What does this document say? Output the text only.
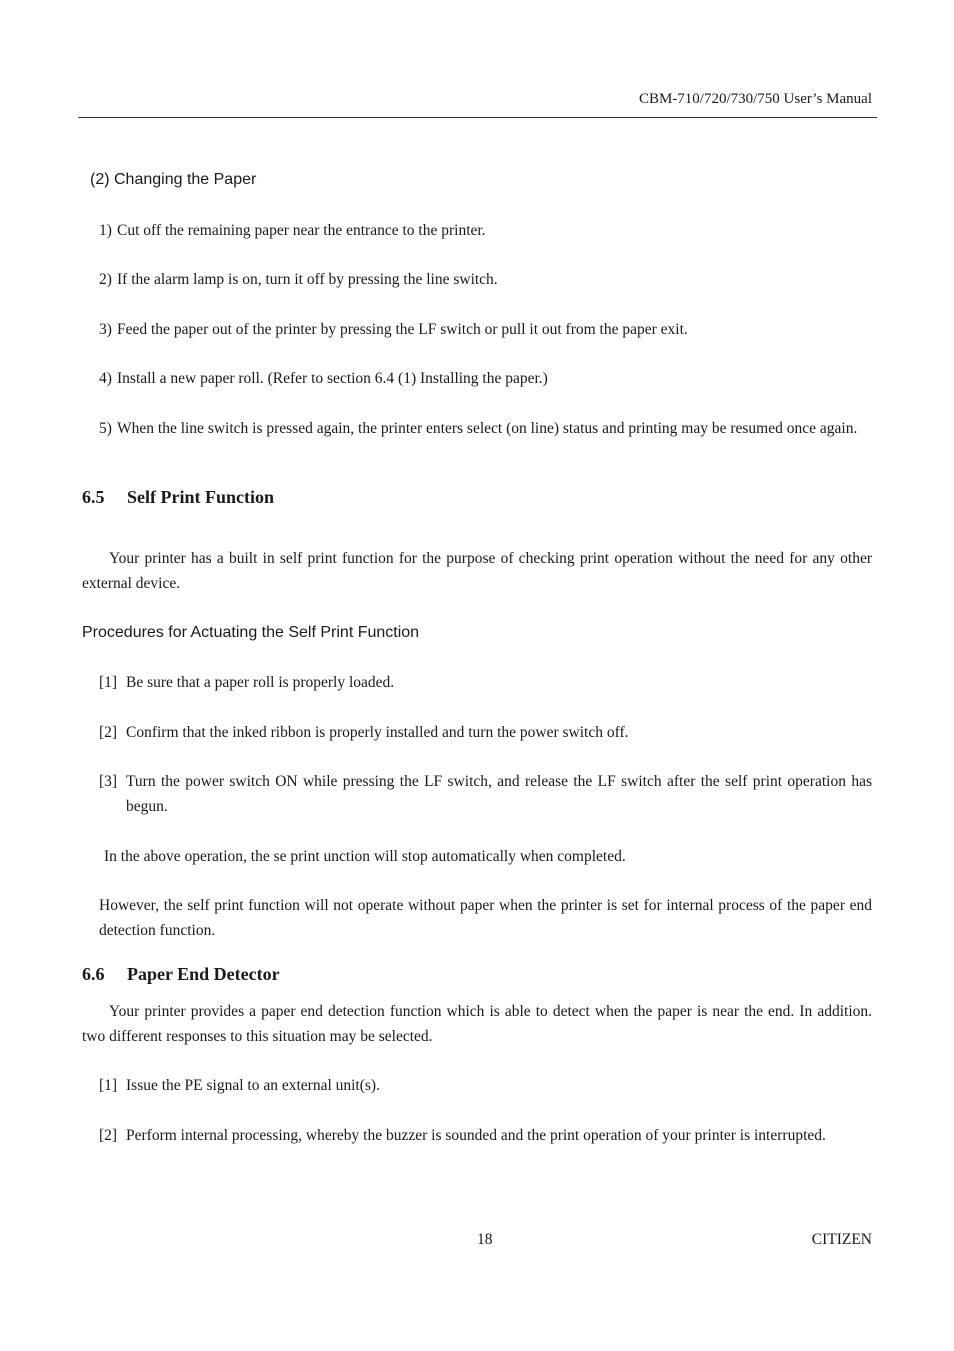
CBM-710/720/730/750 User’s Manual
(2) Changing the Paper
1) Cut off the remaining paper near the entrance to the printer.
2) If the alarm lamp is on, turn it off by pressing the line switch.
3) Feed the paper out of the printer by pressing the LF switch or pull it out from the paper exit.
4) Install a new paper roll. (Refer to section 6.4 (1) Installing the paper.)
5) When the line switch is pressed again, the printer enters select (on line) status and printing may be resumed once again.
6.5 Self Print Function
Your printer has a built in self print function for the purpose of checking print operation without the need for any other external device.
Procedures for Actuating the Self Print Function
[1] Be sure that a paper roll is properly loaded.
[2] Confirm that the inked ribbon is properly installed and turn the power switch off.
[3] Turn the power switch ON while pressing the LF switch, and release the LF switch after the self print operation has begun.
In the above operation, the se print unction will stop automatically when completed.
However, the self print function will not operate without paper when the printer is set for internal process of the paper end detection function.
6.6 Paper End Detector
Your printer provides a paper end detection function which is able to detect when the paper is near the end. In addition. two different responses to this situation may be selected.
[1] Issue the PE signal to an external unit(s).
[2] Perform internal processing, whereby the buzzer is sounded and the print operation of your printer is interrupted.
18	CITIZEN
